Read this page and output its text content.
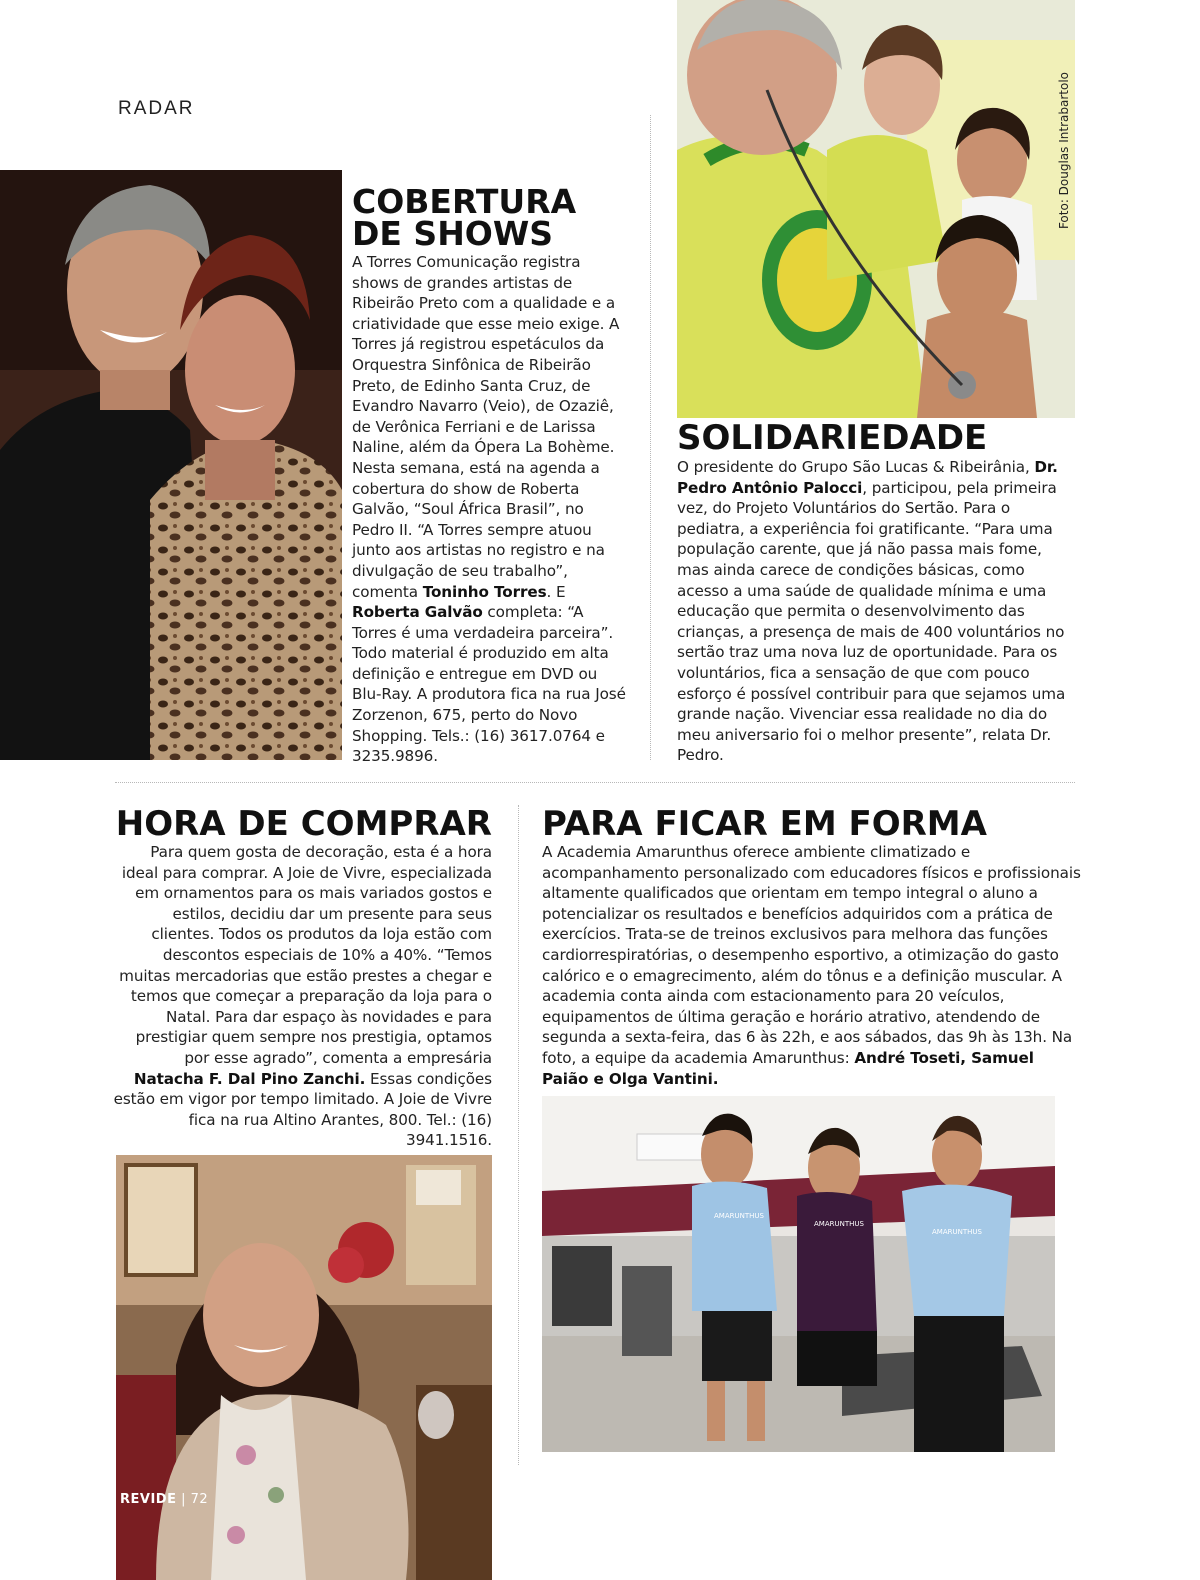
RADAR
COBERTURA
DE SHOWS

A Torres Comunicação registra shows de grandes artistas de Ribeirão Preto com a qualidade e a criatividade que esse meio exige. A Torres já registrou espetáculos da Orquestra Sinfônica de Ribeirão Preto, de Edinho Santa Cruz, de Evandro Navarro (Veio), de Ozaziê, de Verônica Ferriani e de Larissa Naline, além da Ópera La Bohème. Nesta semana, está na agenda a cobertura do show de Roberta Galvão, “Soul África Brasil”, no Pedro II. “A Torres sempre atuou junto aos artistas no registro e na divulgação de seu trabalho”, comenta Toninho Torres. E Roberta Galvão completa: “A Torres é uma verdadeira parceira”. Todo material é produzido em alta definição e entregue em DVD ou Blu-Ray. A produtora fica na rua José Zorzenon, 675, perto do Novo Shopping. Tels.: (16) 3617.0764 e 3235.9896.

Foto: Douglas Intrabartolo
SOLIDARIEDADE

O presidente do Grupo São Lucas & Ribeirânia, Dr. Pedro Antônio Palocci, participou, pela primeira vez, do Projeto Voluntários do Sertão. Para o pediatra, a experiência foi gratificante. “Para uma população carente, que já não passa mais fome, mas ainda carece de condições básicas, como acesso a uma saúde de qualidade mínima e uma educação que permita o desenvolvimento das crianças, a presença de mais de 400 voluntários no sertão traz uma nova luz de oportunidade. Para os voluntários, fica a sensação de que com pouco esforço é possível contribuir para que sejamos uma grande nação. Vivenciar essa realidade no dia do meu aniversario foi o melhor presente”, relata Dr. Pedro.

HORA DE COMPRAR

Para quem gosta de decoração, esta é a hora ideal para comprar. A Joie de Vivre, especializada em ornamentos para os mais variados gostos e estilos, decidiu dar um presente para seus clientes. Todos os produtos da loja estão com descontos especiais de 10% a 40%. “Temos muitas mercadorias que estão prestes a chegar e temos que começar a preparação da loja para o Natal. Para dar espaço às novidades e para prestigiar quem sempre nos prestigia, optamos por esse agrado”, comenta a empresária Natacha F. Dal Pino Zanchi. Essas condições estão em vigor por tempo limitado. A Joie de Vivre fica na rua Altino Arantes, 800. Tel.: (16) 3941.1516.

REVIDE | 72
PARA FICAR EM FORMA

A Academia Amarunthus oferece ambiente climatizado e acompanhamento personalizado com educadores físicos e profissionais altamente qualificados que orientam em tempo integral o aluno a potencializar os resultados e benefícios adquiridos com a prática de exercícios. Trata-se de treinos exclusivos para melhora das funções cardiorrespiratórias, o desempenho esportivo, a otimização do gasto calórico e o emagrecimento, além do tônus e a definição muscular. A academia conta ainda com estacionamento para 20 veículos, equipamentos de última geração e horário atrativo, atendendo de segunda a sexta-feira, das 6 às 22h, e aos sábados, das 9h às 13h. Na foto, a equipe da academia Amarunthus: André Toseti, Samuel Paião e Olga Vantini.

AMARUNTHUS
AMARUNTHUS
AMARUNTHUS
